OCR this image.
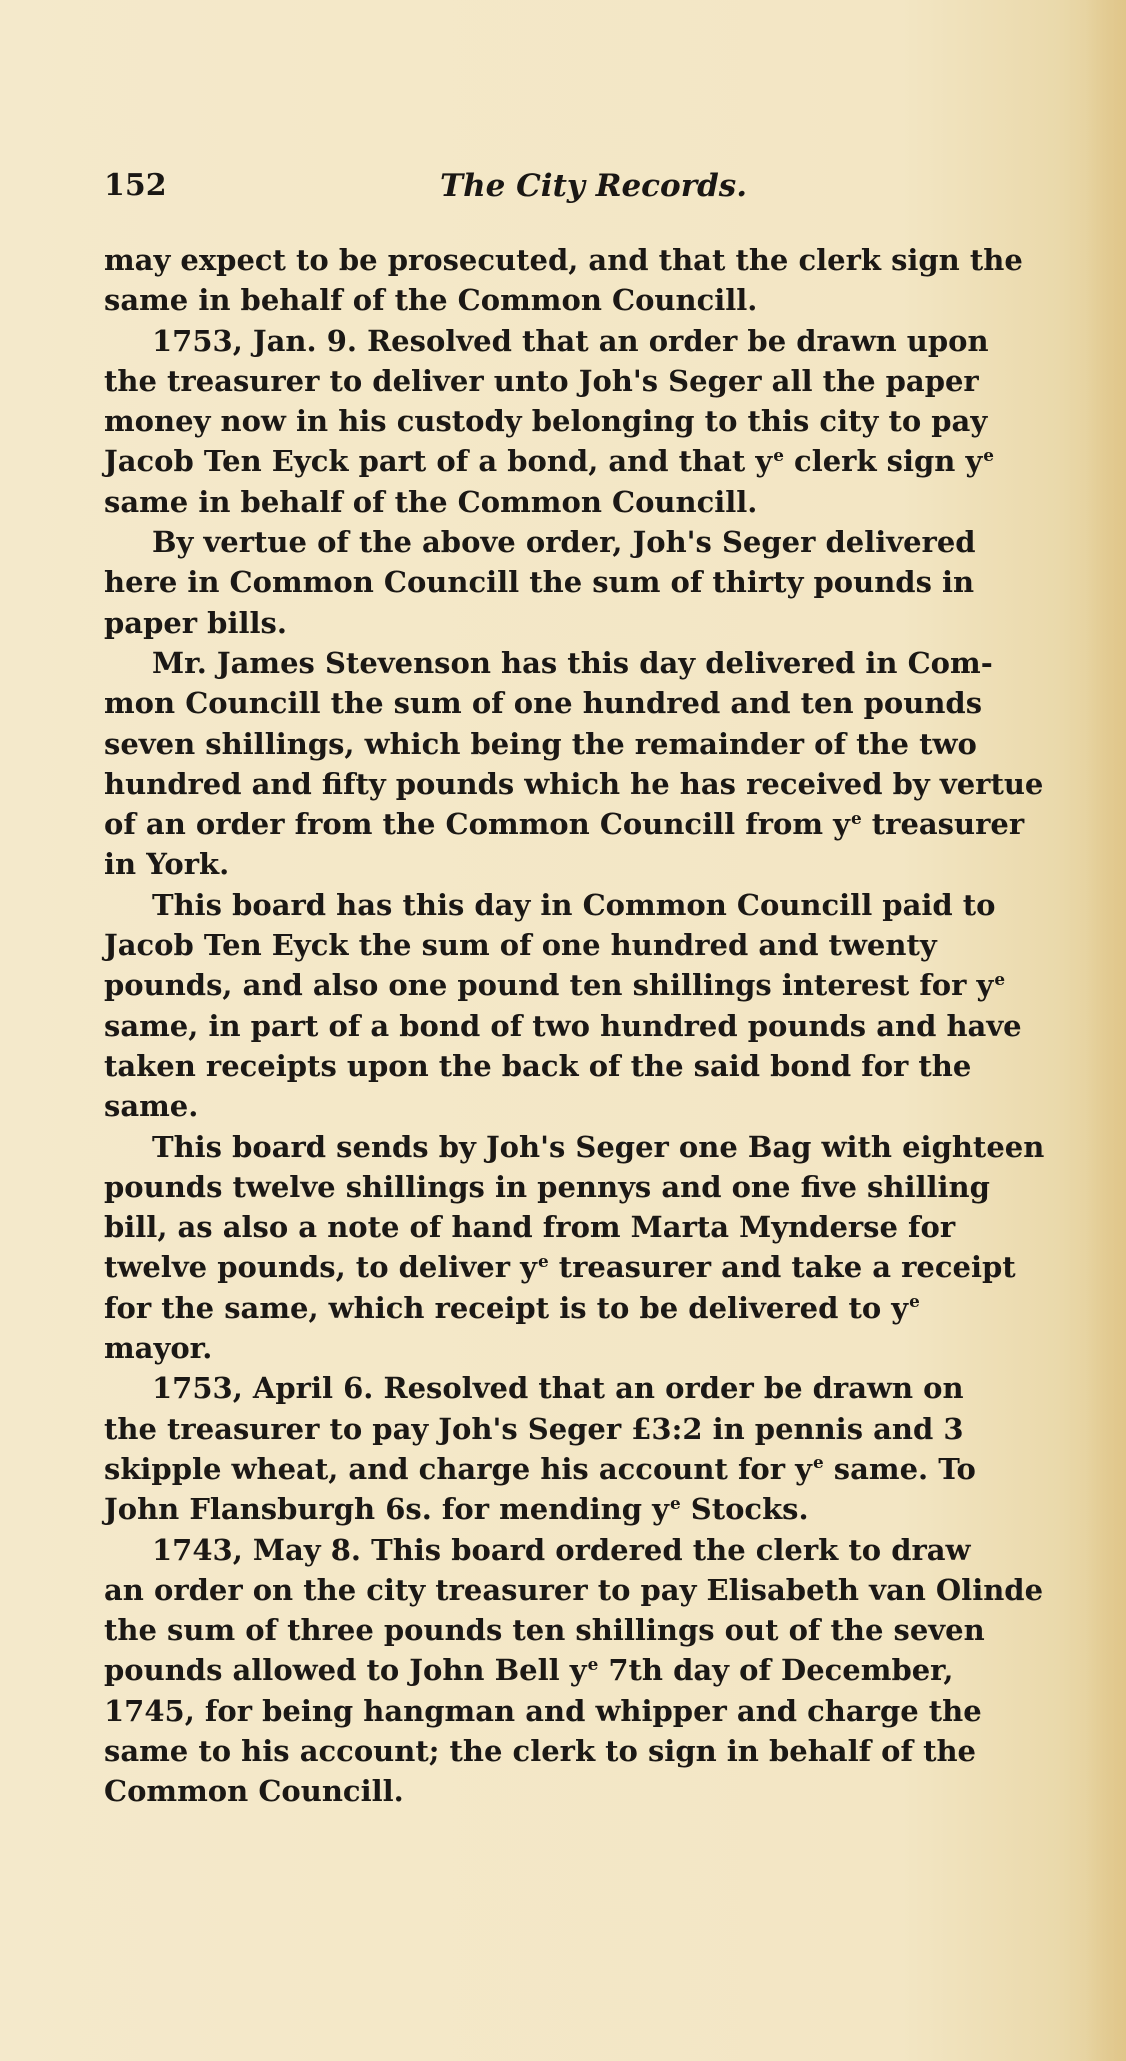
152	The City Records.
may expect to be prosecuted, and that the clerk sign the
same in behalf of the Common Councill.
1753, Jan. 9. Resolved that an order be drawn upon
the treasurer to deliver unto Joh's Seger all the paper
money now in his custody belonging to this city to pay
Jacob Ten Eyck part of a bond, and that $y^e$ clerk sign $y^e$
same in behalf of the Common Councill.
By vertue of the above order, Joh's Seger delivered
here in Common Councill the sum of thirty pounds in
paper bills.
Mr. James Stevenson has this day delivered in Com-
mon Councill the sum of one hundred and ten pounds
seven shillings, which being the remainder of the two
hundred and fifty pounds which he has received by vertue
of an order from the Common Councill from $y^e$ treasurer
in York.
This board has this day in Common Councill paid to
Jacob Ten Eyck the sum of one hundred and twenty
pounds, and also one pound ten shillings interest for $y^e$
same, in part of a bond of two hundred pounds and have
taken receipts upon the back of the said bond for the
same.
This board sends by Joh's Seger one Bag with eighteen
pounds twelve shillings in pennys and one five shilling
bill, as also a note of hand from Marta Mynderse for
twelve pounds, to deliver $y^e$ treasurer and take a receipt
for the same, which receipt is to be delivered to $y^e$
mayor.
1753, April 6. Resolved that an order be drawn on
the treasurer to pay Joh's Seger £3:2 in pennis and 3
skipple wheat, and charge his account for $y^e$ same. To
John Flansburgh 6s. for mending $y^e$ Stocks.
1743, May 8. This board ordered the clerk to draw
an order on the city treasurer to pay Elisabeth van Olinde
the sum of three pounds ten shillings out of the seven
pounds allowed to John Bell $y^e$ 7th day of December,
1745, for being hangman and whipper and charge the
same to his account; the clerk to sign in behalf of the
Common Councill.
